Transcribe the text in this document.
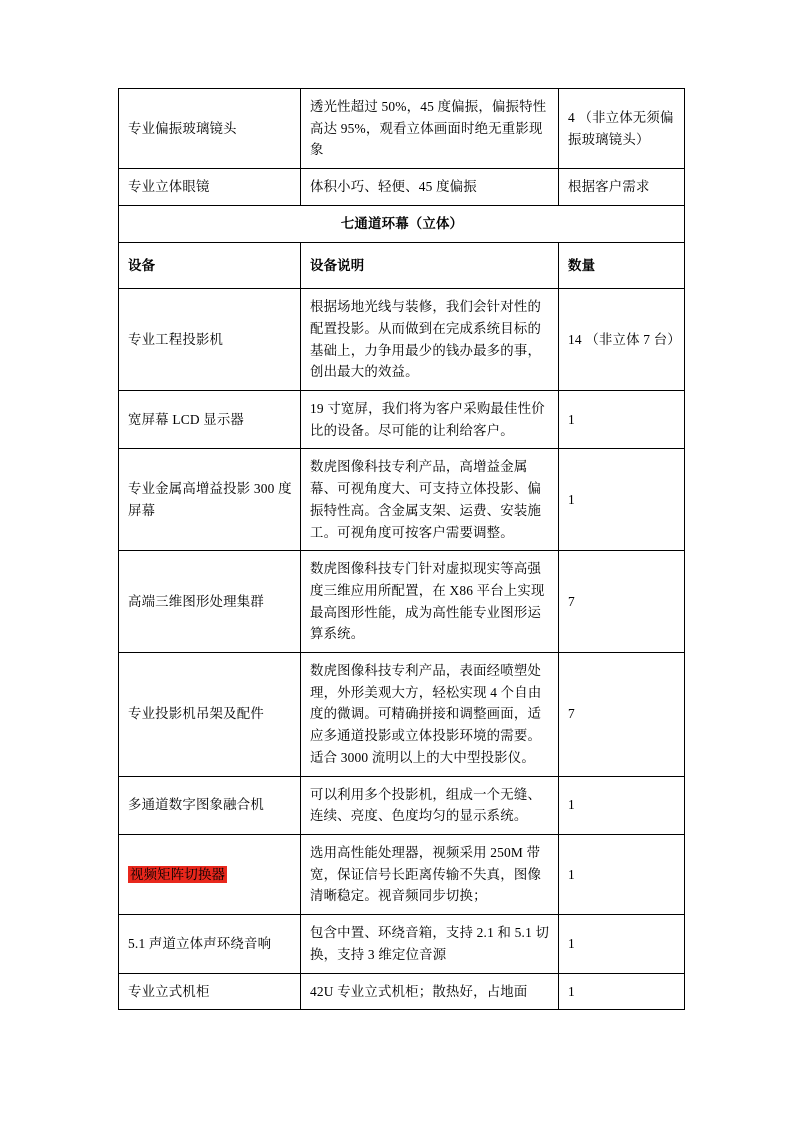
专业偏振玻璃镜头	透光性超过 50%，45 度偏振，偏振特性高达 95%，观看立体画面时绝无重影现象	4 （非立体无须偏振玻璃镜头）
专业立体眼镜	体积小巧、轻便、45 度偏振	根据客户需求
七通道环幕（立体）		
设备	设备说明	数量
专业工程投影机	根据场地光线与装修，我们会针对性的配置投影。从而做到在完成系统目标的基础上，力争用最少的钱办最多的事，创出最大的效益。	14 （非立体 7 台）
宽屏幕 LCD 显示器	19 寸宽屏，我们将为客户采购最佳性价比的设备。尽可能的让利给客户。	1
专业金属高增益投影 300 度屏幕	数虎图像科技专利产品，高增益金属幕、可视角度大、可支持立体投影、偏振特性高。含金属支架、运费、安装施工。可视角度可按客户需要调整。	1
高端三维图形处理集群	数虎图像科技专门针对虚拟现实等高强度三维应用所配置，在 X86 平台上实现最高图形性能，成为高性能专业图形运算系统。	7
专业投影机吊架及配件	数虎图像科技专利产品，表面经喷塑处理，外形美观大方，轻松实现 4 个自由度的微调。可精确拼接和调整画面，适应多通道投影或立体投影环境的需要。适合 3000 流明以上的大中型投影仪。	7
多通道数字图象融合机	可以利用多个投影机，组成一个无缝、连续、亮度、色度均匀的显示系统。	1
视频矩阵切换器	选用高性能处理器，视频采用 250M 带宽，保证信号长距离传输不失真，图像清晰稳定。视音频同步切换；	1
5.1 声道立体声环绕音响	包含中置、环绕音箱，支持 2.1 和 5.1 切换，支持 3 维定位音源	1
专业立式机柜	42U 专业立式机柜；散热好，占地面	1
